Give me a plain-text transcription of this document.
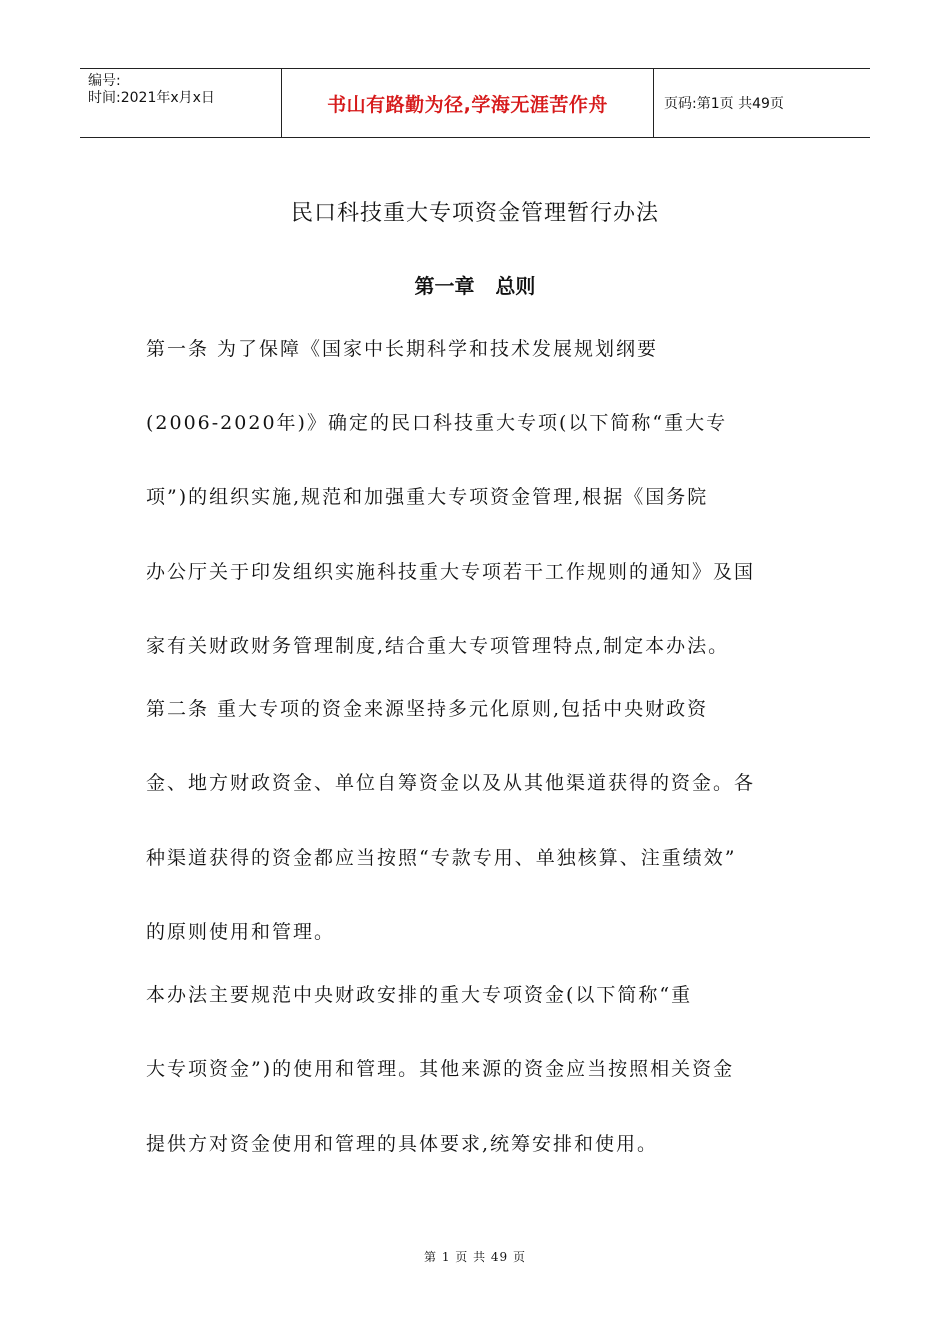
编号:
时间:2021年x月x日	书山有路勤为径,学海无涯苦作舟	页码:第1页 共49页
民口科技重大专项资金管理暂行办法
第一章   总则
第一条 为了保障《国家中长期科学和技术发展规划纲要
(2006-2020年)》确定的民口科技重大专项(以下简称“重大专
项”)的组织实施,规范和加强重大专项资金管理,根据《国务院
办公厅关于印发组织实施科技重大专项若干工作规则的通知》及国
家有关财政财务管理制度,结合重大专项管理特点,制定本办法。
第二条 重大专项的资金来源坚持多元化原则,包括中央财政资
金、地方财政资金、单位自筹资金以及从其他渠道获得的资金。各
种渠道获得的资金都应当按照“专款专用、单独核算、注重绩效”
的原则使用和管理。
本办法主要规范中央财政安排的重大专项资金(以下简称“重
大专项资金”)的使用和管理。其他来源的资金应当按照相关资金
提供方对资金使用和管理的具体要求,统筹安排和使用。
第 1 页 共 49 页
